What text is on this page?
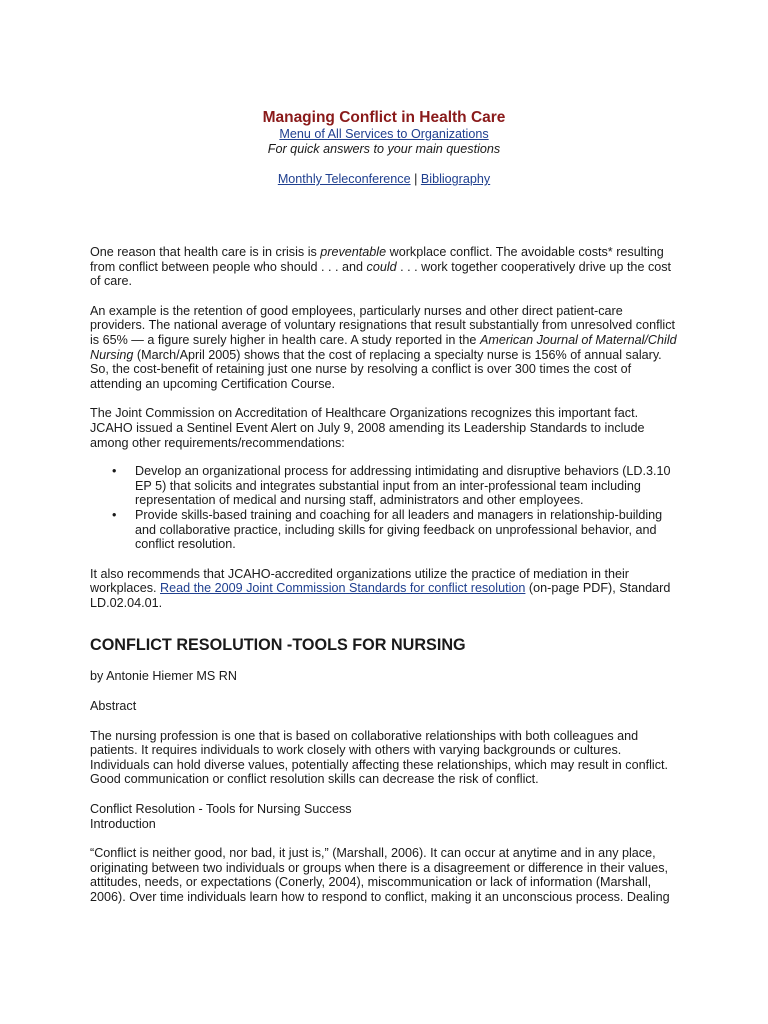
Managing Conflict in Health Care
Menu of All Services to Organizations
For quick answers to your main questions
Monthly Teleconference | Bibliography

One reason that health care is in crisis is preventable workplace conflict. The avoidable costs* resulting from conflict between people who should . . . and could . . . work together cooperatively drive up the cost of care.

An example is the retention of good employees, particularly nurses and other direct patient-care providers. The national average of voluntary resignations that result substantially from unresolved conflict is 65% — a figure surely higher in health care. A study reported in the American Journal of Maternal/Child Nursing (March/April 2005) shows that the cost of replacing a specialty nurse is 156% of annual salary. So, the cost-benefit of retaining just one nurse by resolving a conflict is over 300 times the cost of attending an upcoming Certification Course.

The Joint Commission on Accreditation of Healthcare Organizations recognizes this important fact. JCAHO issued a Sentinel Event Alert on July 9, 2008 amending its Leadership Standards to include among other requirements/recommendations:

• Develop an organizational process for addressing intimidating and disruptive behaviors (LD.3.10 EP 5) that solicits and integrates substantial input from an inter-professional team including representation of medical and nursing staff, administrators and other employees.
• Provide skills-based training and coaching for all leaders and managers in relationship-building and collaborative practice, including skills for giving feedback on unprofessional behavior, and conflict resolution.

It also recommends that JCAHO-accredited organizations utilize the practice of mediation in their workplaces. Read the 2009 Joint Commission Standards for conflict resolution (on-page PDF), Standard LD.02.04.01.

CONFLICT RESOLUTION -TOOLS FOR NURSING

by Antonie Hiemer MS RN

Abstract

The nursing profession is one that is based on collaborative relationships with both colleagues and patients. It requires individuals to work closely with others with varying backgrounds or cultures. Individuals can hold diverse values, potentially affecting these relationships, which may result in conflict. Good communication or conflict resolution skills can decrease the risk of conflict.

Conflict Resolution - Tools for Nursing Success

Introduction

“Conflict is neither good, nor bad, it just is,” (Marshall, 2006). It can occur at anytime and in any place, originating between two individuals or groups when there is a disagreement or difference in their values, attitudes, needs, or expectations (Conerly, 2004), miscommunication or lack of information (Marshall, 2006). Over time individuals learn how to respond to conflict, making it an unconscious process. Dealing
